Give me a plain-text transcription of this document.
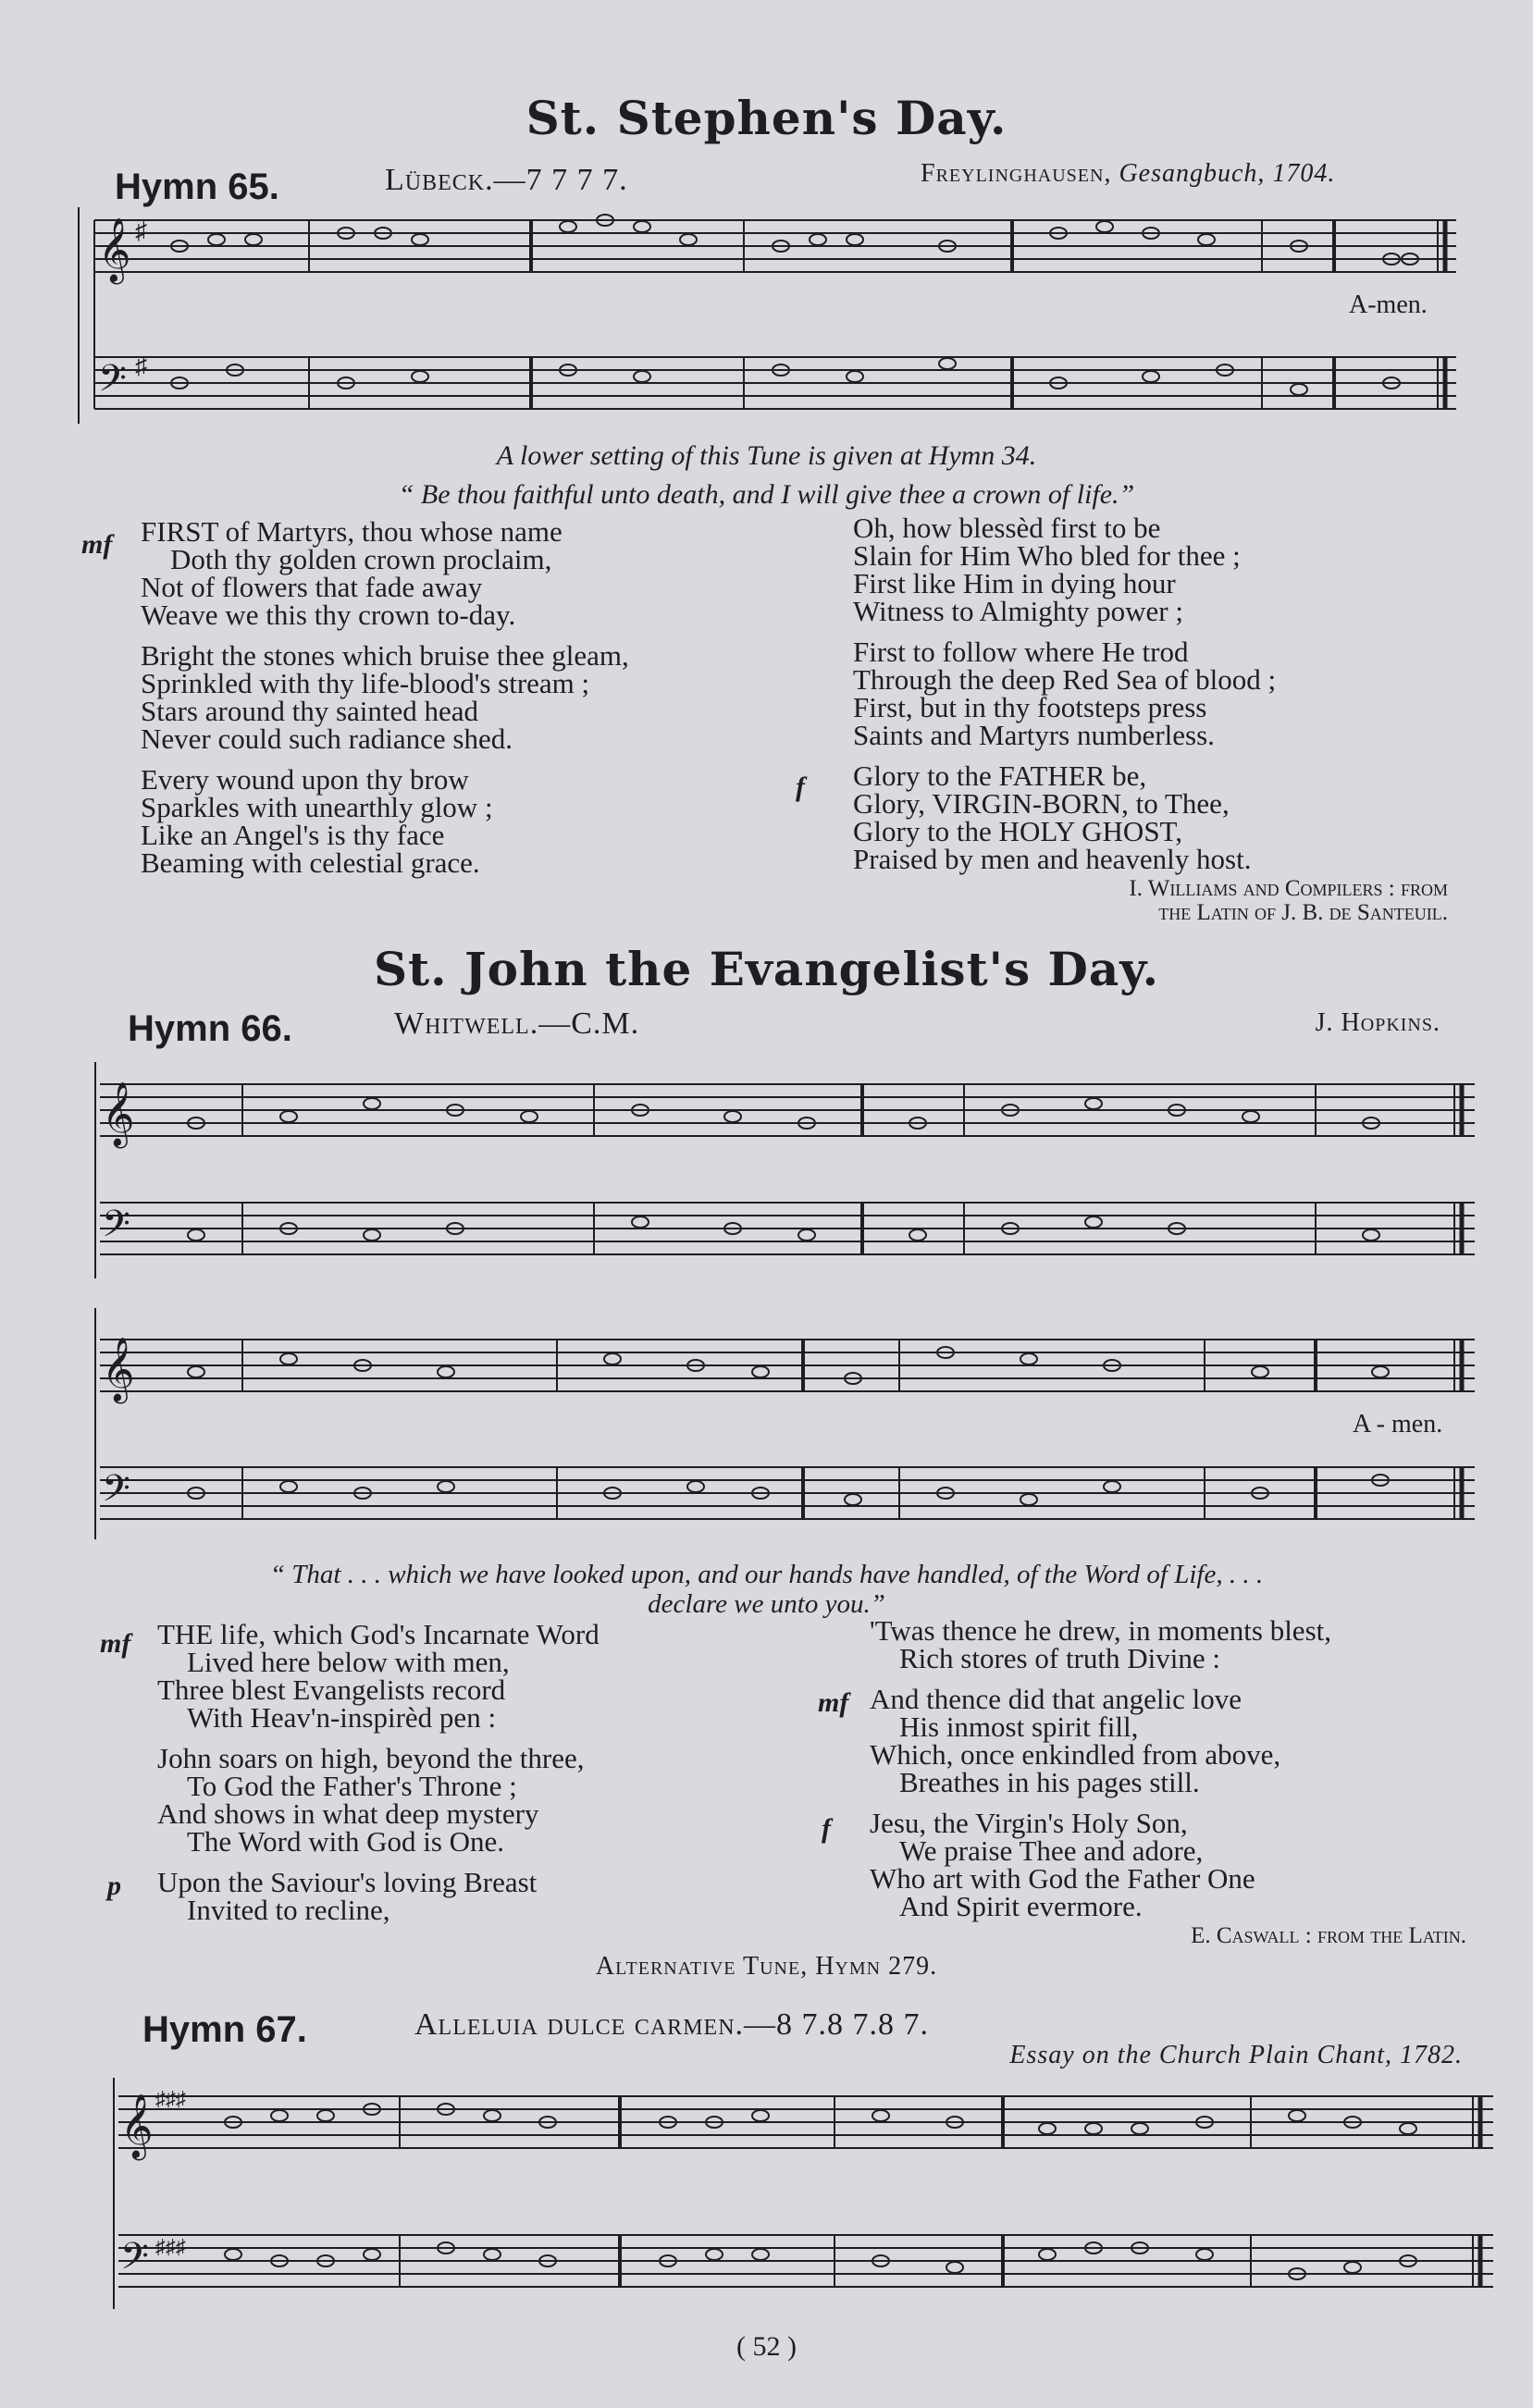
St. Stephen's Day.
Hymn 65.	Lübeck.—7 7 7 7.	Freylinghausen, Gesangbuch, 1704.
𝄞
𝄢
♯
♯
A-men.
A lower setting of this Tune is given at Hymn 34.
“ Be thou faithful unto death, and I will give thee a crown of life.”
mf FIRST of Martyrs, thou whose name
Doth thy golden crown proclaim,
Not of flowers that fade away
Weave we this thy crown to-day.
Bright the stones which bruise thee gleam,
Sprinkled with thy life-blood's stream ;
Stars around thy sainted head
Never could such radiance shed.
Every wound upon thy brow
Sparkles with unearthly glow ;
Like an Angel's is thy face
Beaming with celestial grace.
Oh, how blessèd first to be
Slain for Him Who bled for thee ;
First like Him in dying hour
Witness to Almighty power ;
First to follow where He trod
Through the deep Red Sea of blood ;
First, but in thy footsteps press
Saints and Martyrs numberless.
Glory to the FATHER be,
Glory, VIRGIN-BORN, to Thee,
Glory to the HOLY GHOST,
Praised by men and heavenly host.
f
I. Williams and Compilers : from
the Latin of J. B. de Santeuil.
St. John the Evangelist's Day.
Hymn 66.	Whitwell.—C.M.	J. Hopkins.
𝄞
𝄢
𝄞
𝄢
A - men.
“ That . . . which we have looked upon, and our hands have handled, of the Word of Life, . . .
declare we unto you.”
mf THE life, which God's Incarnate Word
Lived here below with men,
Three blest Evangelists record
With Heav'n-inspirèd pen :
John soars on high, beyond the three,
To God the Father's Throne ;
And shows in what deep mystery
The Word with God is One.
Upon the Saviour's loving Breast
Invited to recline,
p
'Twas thence he drew, in moments blest,
Rich stores of truth Divine :
And thence did that angelic love
His inmost spirit fill,
Which, once enkindled from above,
Breathes in his pages still.
Jesu, the Virgin's Holy Son,
We praise Thee and adore,
Who art with God the Father One
And Spirit evermore.
mf
f
E. Caswall : from the Latin.
Alternative Tune, Hymn 279.
Hymn 67.	Alleluia dulce carmen.—8 7.8 7.8 7.
Essay on the Church Plain Chant, 1782.
𝄞
𝄢
♯♯♯
♯♯♯
( 52 )
